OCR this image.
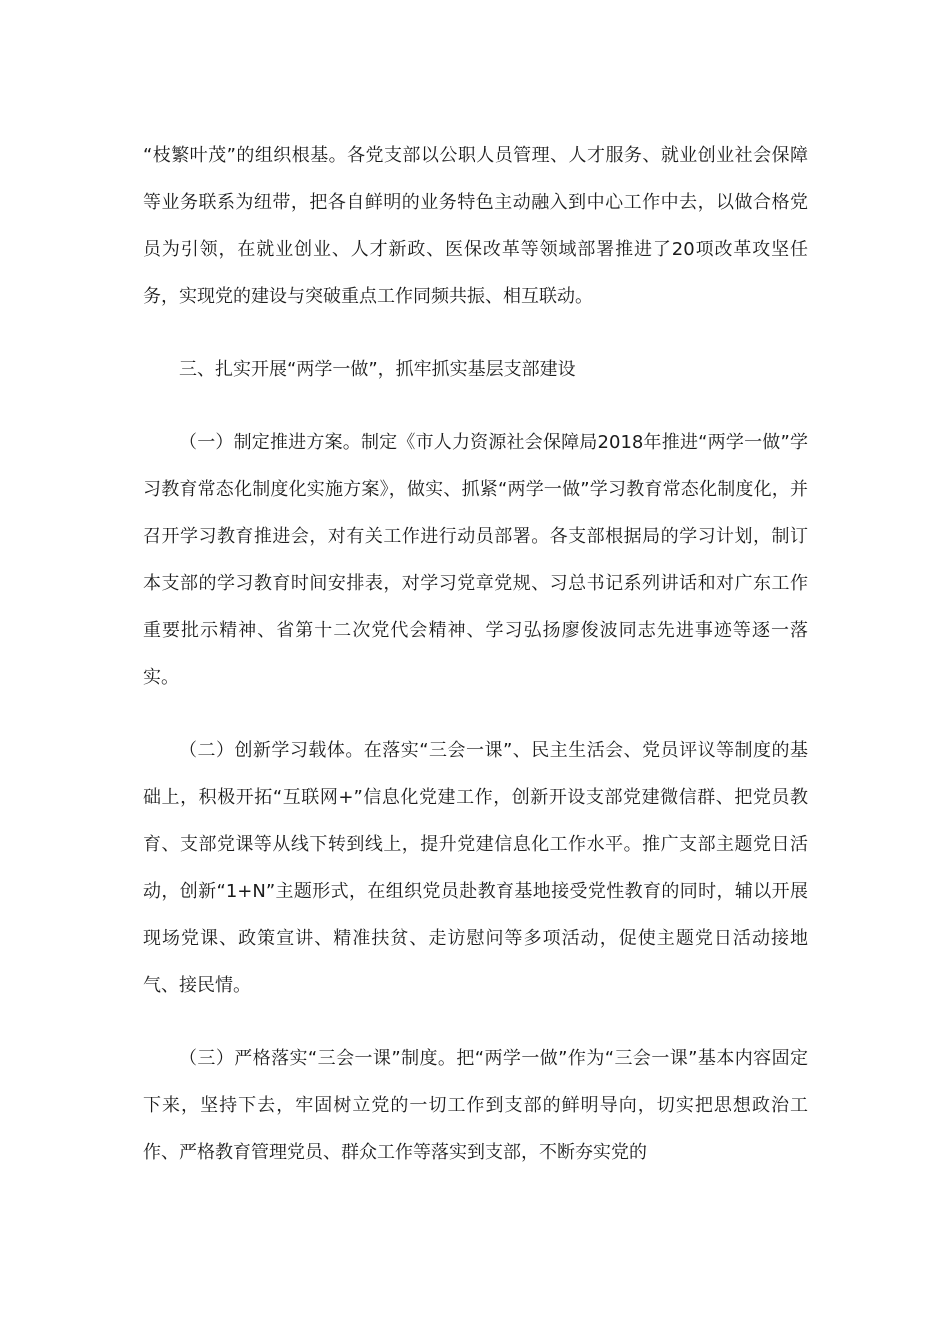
“枝繁叶茂”的组织根基。各党支部以公职人员管理、人才服务、就业创业社会保障等业务联系为纽带，把各自鲜明的业务特色主动融入到中心工作中去，以做合格党员为引领，在就业创业、人才新政、医保改革等领域部署推进了20项改革攻坚任务，实现党的建设与突破重点工作同频共振、相互联动。

三、扎实开展“两学一做”，抓牢抓实基层支部建设

（一）制定推进方案。制定《市人力资源社会保障局2018年推进“两学一做”学习教育常态化制度化实施方案》，做实、抓紧“两学一做”学习教育常态化制度化，并召开学习教育推进会，对有关工作进行动员部署。各支部根据局的学习计划，制订本支部的学习教育时间安排表，对学习党章党规、习总书记系列讲话和对广东工作重要批示精神、省第十二次党代会精神、学习弘扬廖俊波同志先进事迹等逐一落实。

（二）创新学习载体。在落实“三会一课”、民主生活会、党员评议等制度的基础上，积极开拓“互联网+”信息化党建工作，创新开设支部党建微信群、把党员教育、支部党课等从线下转到线上，提升党建信息化工作水平。推广支部主题党日活动，创新“1+N”主题形式，在组织党员赴教育基地接受党性教育的同时，辅以开展现场党课、政策宣讲、精准扶贫、走访慰问等多项活动，促使主题党日活动接地气、接民情。

（三）严格落实“三会一课”制度。把“两学一做”作为“三会一课”基本内容固定下来，坚持下去，牢固树立党的一切工作到支部的鲜明导向，切实把思想政治工作、严格教育管理党员、群众工作等落实到支部，不断夯实党的
